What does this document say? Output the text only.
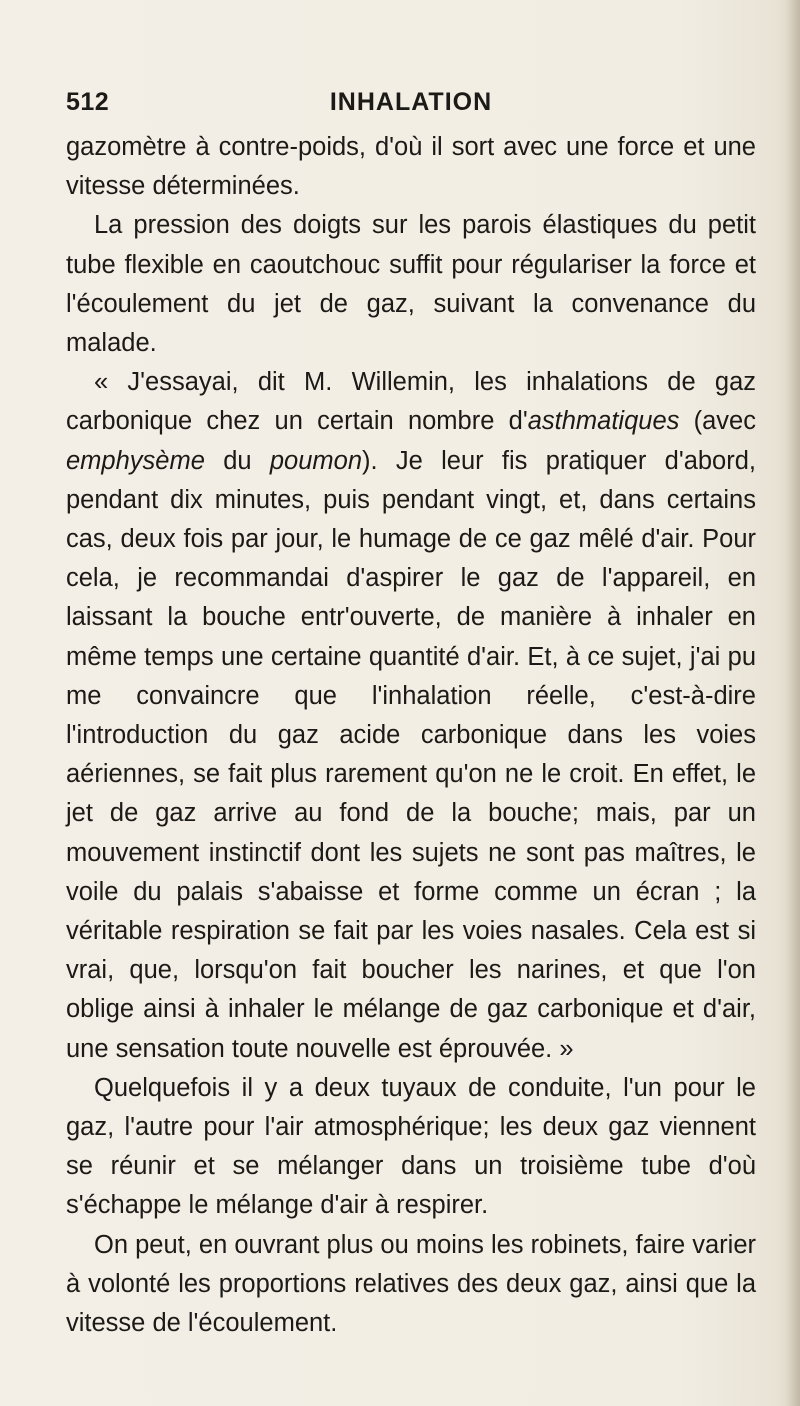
512	INHALATION

gazomètre à contre-poids, d'où il sort avec une force et une vitesse déterminées.

La pression des doigts sur les parois élastiques du petit tube flexible en caoutchouc suffit pour régulariser la force et l'écoulement du jet de gaz, suivant la convenance du malade.

« J'essayai, dit M. Willemin, les inhalations de gaz carbonique chez un certain nombre d'asthmatiques (avec emphysème du poumon). Je leur fis pratiquer d'abord, pendant dix minutes, puis pendant vingt, et, dans certains cas, deux fois par jour, le humage de ce gaz mêlé d'air. Pour cela, je recommandai d'aspirer le gaz de l'appareil, en laissant la bouche entr'ouverte, de manière à inhaler en même temps une certaine quantité d'air. Et, à ce sujet, j'ai pu me convaincre que l'inhalation réelle, c'est-à-dire l'introduction du gaz acide carbonique dans les voies aériennes, se fait plus rarement qu'on ne le croit. En effet, le jet de gaz arrive au fond de la bouche; mais, par un mouvement instinctif dont les sujets ne sont pas maîtres, le voile du palais s'abaisse et forme comme un écran ; la véritable respiration se fait par les voies nasales. Cela est si vrai, que, lorsqu'on fait boucher les narines, et que l'on oblige ainsi à inhaler le mélange de gaz carbonique et d'air, une sensation toute nouvelle est éprouvée. »

Quelquefois il y a deux tuyaux de conduite, l'un pour le gaz, l'autre pour l'air atmosphérique; les deux gaz viennent se réunir et se mélanger dans un troisième tube d'où s'échappe le mélange d'air à respirer.

On peut, en ouvrant plus ou moins les robinets, faire varier à volonté les proportions relatives des deux gaz, ainsi que la vitesse de l'écoulement.
